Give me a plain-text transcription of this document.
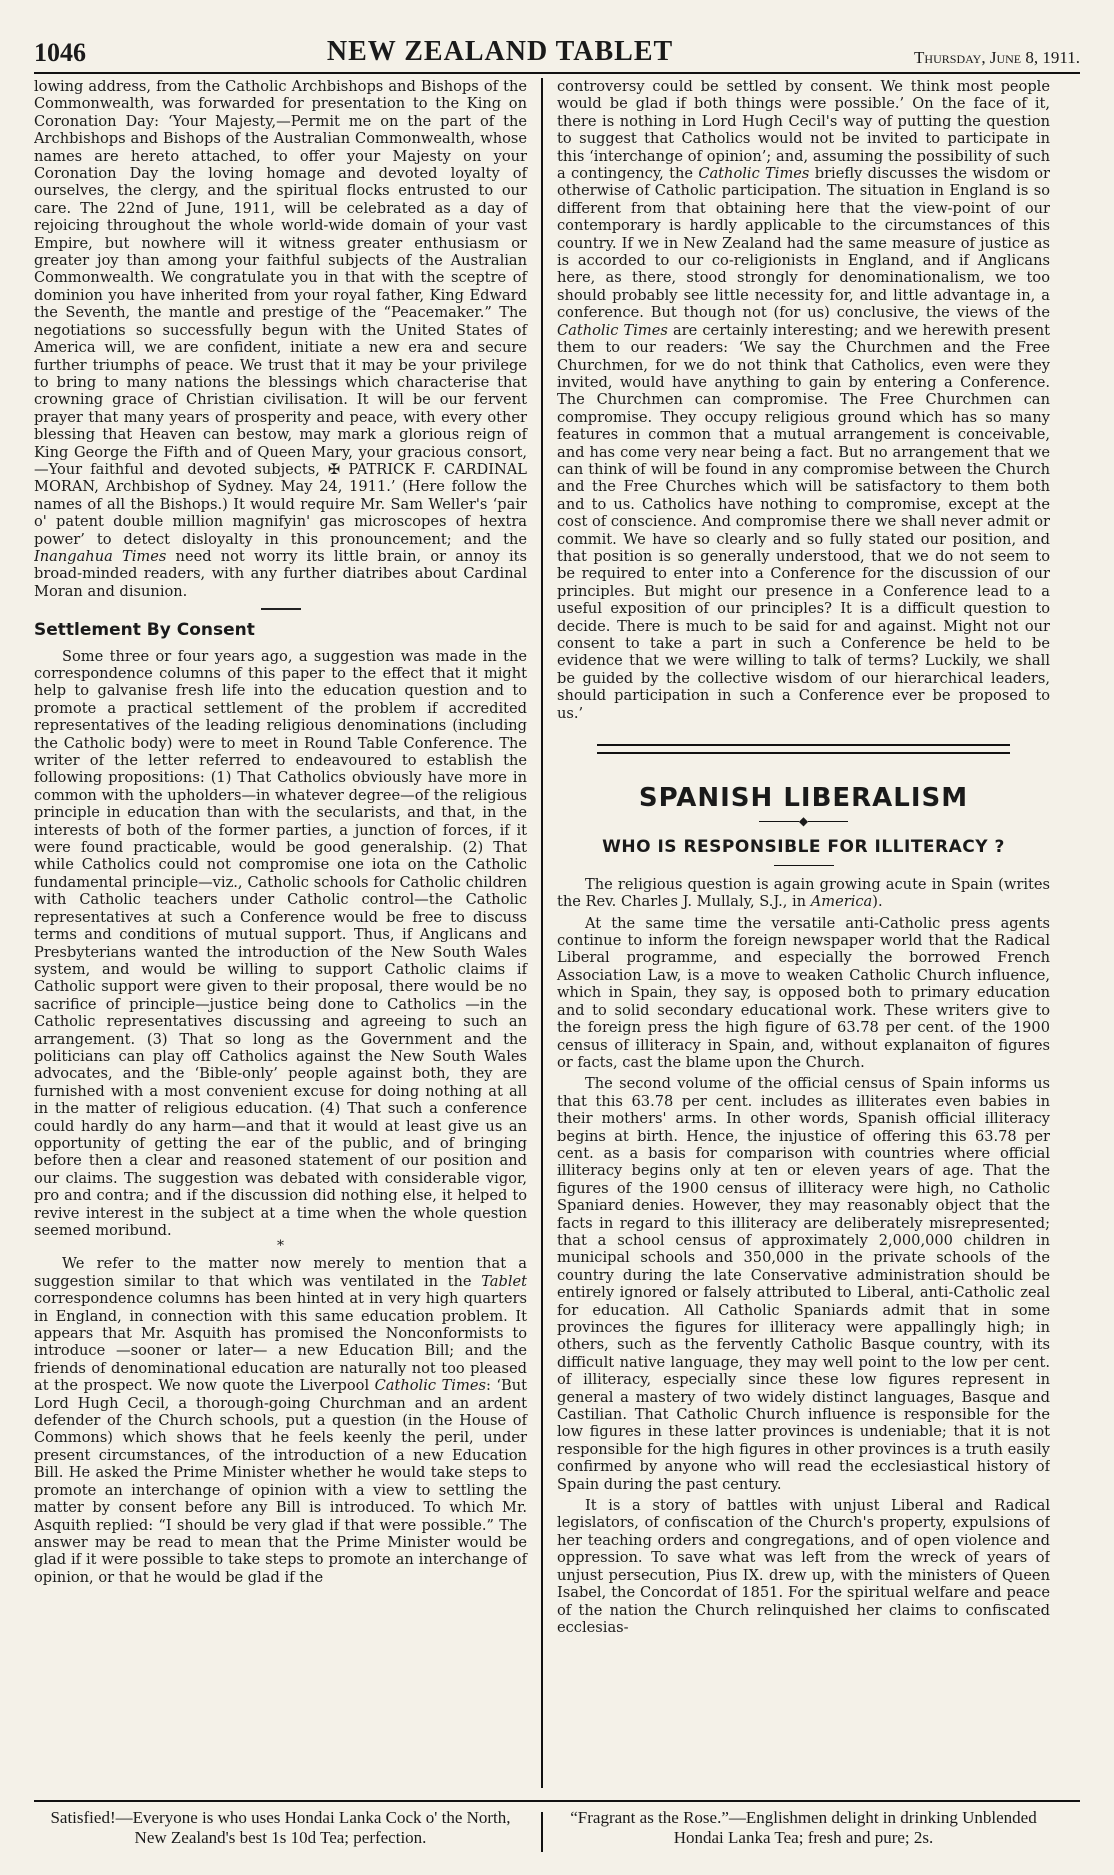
1046	NEW ZEALAND TABLET	Thursday, June 8, 1911.

lowing address, from the Catholic Archbishops and Bishops of the Commonwealth, was forwarded for presentation to the King on Coronation Day: ‘Your Majesty,—Permit me on the part of the Archbishops and Bishops of the Australian Commonwealth, whose names are hereto attached, to offer your Majesty on your Coronation Day the loving homage and devoted loyalty of ourselves, the clergy, and the spiritual flocks entrusted to our care. The 22nd of June, 1911, will be celebrated as a day of rejoicing throughout the whole world-wide domain of your vast Empire, but nowhere will it witness greater enthusiasm or greater joy than among your faithful subjects of the Australian Commonwealth. We congratulate you in that with the sceptre of dominion you have inherited from your royal father, King Edward the Seventh, the mantle and prestige of the “Peacemaker.” The negotiations so successfully begun with the United States of America will, we are confident, initiate a new era and secure further triumphs of peace. We trust that it may be your privilege to bring to many nations the blessings which characterise that crowning grace of Christian civilisation. It will be our fervent prayer that many years of prosperity and peace, with every other blessing that Heaven can bestow, may mark a glorious reign of King George the Fifth and of Queen Mary, your gracious consort,—Your faithful and devoted subjects, ✠ PATRICK F. CARDINAL MORAN, Archbishop of Sydney. May 24, 1911.’ (Here follow the names of all the Bishops.) It would require Mr. Sam Weller's ‘pair o' patent double million magnifyin' gas microscopes of hextra power’ to detect disloyalty in this pronouncement; and the Inangahua Times need not worry its little brain, or annoy its broad-minded readers, with any further diatribes about Cardinal Moran and disunion.

Settlement By Consent

Some three or four years ago, a suggestion was made in the correspondence columns of this paper to the effect that it might help to galvanise fresh life into the education question and to promote a practical settlement of the problem if accredited representatives of the leading religious denominations (including the Catholic body) were to meet in Round Table Conference. The writer of the letter referred to endeavoured to establish the following propositions: (1) That Catholics obviously have more in common with the upholders—in whatever degree—of the religious principle in education than with the secularists, and that, in the interests of both of the former parties, a junction of forces, if it were found practicable, would be good generalship. (2) That while Catholics could not compromise one iota on the Catholic fundamental principle—viz., Catholic schools for Catholic children with Catholic teachers under Catholic control—the Catholic representatives at such a Conference would be free to discuss terms and conditions of mutual support. Thus, if Anglicans and Presbyterians wanted the introduction of the New South Wales system, and would be willing to support Catholic claims if Catholic support were given to their proposal, there would be no sacrifice of principle—justice being done to Catholics —in the Catholic representatives discussing and agreeing to such an arrangement. (3) That so long as the Government and the politicians can play off Catholics against the New South Wales advocates, and the ‘Bible-only’ people against both, they are furnished with a most convenient excuse for doing nothing at all in the matter of religious education. (4) That such a conference could hardly do any harm—and that it would at least give us an opportunity of getting the ear of the public, and of bringing before then a clear and reasoned statement of our position and our claims. The suggestion was debated with considerable vigor, pro and contra; and if the discussion did nothing else, it helped to revive interest in the subject at a time when the whole question seemed moribund.

*

We refer to the matter now merely to mention that a suggestion similar to that which was ventilated in the Tablet correspondence columns has been hinted at in very high quarters in England, in connection with this same education problem. It appears that Mr. Asquith has promised the Nonconformists to introduce —sooner or later— a new Education Bill; and the friends of denominational education are naturally not too pleased at the prospect. We now quote the Liverpool Catholic Times: ‘But Lord Hugh Cecil, a thorough-going Churchman and an ardent defender of the Church schools, put a question (in the House of Commons) which shows that he feels keenly the peril, under present circumstances, of the introduction of a new Education Bill. He asked the Prime Minister whether he would take steps to promote an interchange of opinion with a view to settling the matter by consent before any Bill is introduced. To which Mr. Asquith replied: “I should be very glad if that were possible.” The answer may be read to mean that the Prime Minister would be glad if it were possible to take steps to promote an interchange of opinion, or that he would be glad if the

controversy could be settled by consent. We think most people would be glad if both things were possible.’ On the face of it, there is nothing in Lord Hugh Cecil's way of putting the question to suggest that Catholics would not be invited to participate in this ‘interchange of opinion’; and, assuming the possibility of such a contingency, the Catholic Times briefly discusses the wisdom or otherwise of Catholic participation. The situation in England is so different from that obtaining here that the view-point of our contemporary is hardly applicable to the circumstances of this country. If we in New Zealand had the same measure of justice as is accorded to our co-religionists in England, and if Anglicans here, as there, stood strongly for denominationalism, we too should probably see little necessity for, and little advantage in, a conference. But though not (for us) conclusive, the views of the Catholic Times are certainly interesting; and we herewith present them to our readers: ‘We say the Churchmen and the Free Churchmen, for we do not think that Catholics, even were they invited, would have anything to gain by entering a Conference. The Churchmen can compromise. The Free Churchmen can compromise. They occupy religious ground which has so many features in common that a mutual arrangement is conceivable, and has come very near being a fact. But no arrangement that we can think of will be found in any compromise between the Church and the Free Churches which will be satisfactory to them both and to us. Catholics have nothing to compromise, except at the cost of conscience. And compromise there we shall never admit or commit. We have so clearly and so fully stated our position, and that position is so generally understood, that we do not seem to be required to enter into a Conference for the discussion of our principles. But might our presence in a Conference lead to a useful exposition of our principles? It is a difficult question to decide. There is much to be said for and against. Might not our consent to take a part in such a Conference be held to be evidence that we were willing to talk of terms? Luckily, we shall be guided by the collective wisdom of our hierarchical leaders, should participation in such a Conference ever be proposed to us.’

SPANISH LIBERALISM
◆
WHO IS RESPONSIBLE FOR ILLITERACY ?

The religious question is again growing acute in Spain (writes the Rev. Charles J. Mullaly, S.J., in America).

At the same time the versatile anti-Catholic press agents continue to inform the foreign newspaper world that the Radical Liberal programme, and especially the borrowed French Association Law, is a move to weaken Catholic Church influence, which in Spain, they say, is opposed both to primary education and to solid secondary educational work. These writers give to the foreign press the high figure of 63.78 per cent. of the 1900 census of illiteracy in Spain, and, without explanaiton of figures or facts, cast the blame upon the Church.

The second volume of the official census of Spain informs us that this 63.78 per cent. includes as illiterates even babies in their mothers' arms. In other words, Spanish official illiteracy begins at birth. Hence, the injustice of offering this 63.78 per cent. as a basis for comparison with countries where official illiteracy begins only at ten or eleven years of age. That the figures of the 1900 census of illiteracy were high, no Catholic Spaniard denies. However, they may reasonably object that the facts in regard to this illiteracy are deliberately misrepresented; that a school census of approximately 2,000,000 children in municipal schools and 350,000 in the private schools of the country during the late Conservative administration should be entirely ignored or falsely attributed to Liberal, anti-Catholic zeal for education. All Catholic Spaniards admit that in some provinces the figures for illiteracy were appallingly high; in others, such as the fervently Catholic Basque country, with its difficult native language, they may well point to the low per cent. of illiteracy, especially since these low figures represent in general a mastery of two widely distinct languages, Basque and Castilian. That Catholic Church influence is responsible for the low figures in these latter provinces is undeniable; that it is not responsible for the high figures in other provinces is a truth easily confirmed by anyone who will read the ecclesiastical history of Spain during the past century.

It is a story of battles with unjust Liberal and Radical legislators, of confiscation of the Church's property, expulsions of her teaching orders and congregations, and of open violence and oppression. To save what was left from the wreck of years of unjust persecution, Pius IX. drew up, with the ministers of Queen Isabel, the Concordat of 1851. For the spiritual welfare and peace of the nation the Church relinquished her claims to confiscated ecclesias-

Satisfied!—Everyone is who uses Hondai Lanka Cock o' the North, New Zealand's best 1s 10d Tea; perfection.
“Fragrant as the Rose.”—Englishmen delight in drinking Unblended Hondai Lanka Tea; fresh and pure; 2s.
